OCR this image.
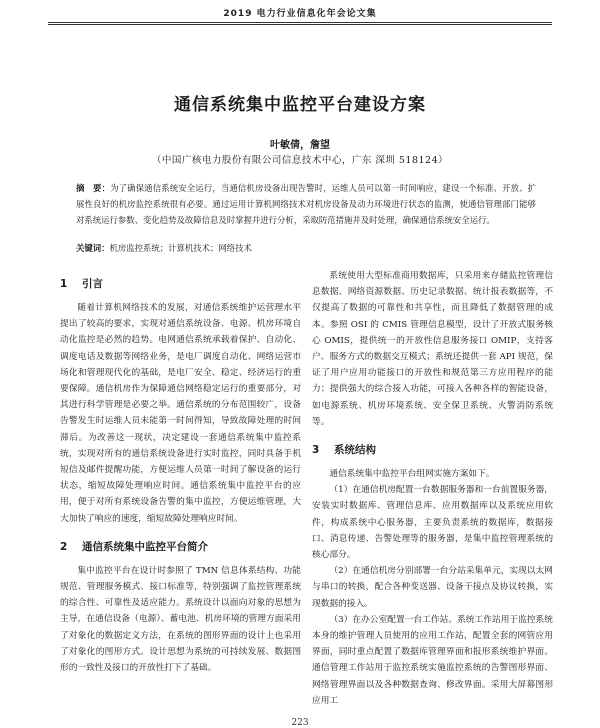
2019 电力行业信息化年会论文集
通信系统集中监控平台建设方案
叶敏倩，詹望
（中国广核电力股份有限公司信息技术中心，广东 深圳 518124）
摘　要：为了确保通信系统安全运行，当通信机房设备出现告警时，运维人员可以第一时间响应，建设一个标准、开放、扩展性良好的机房监控系统很有必要。通过运用计算机网络技术对机房设备及动力环境进行状态的监测，使通信管理部门能够对系统运行参数、变化趋势及故障信息及时掌握并进行分析，采取防范措施并及时处理，确保通信系统安全运行。
关键词：机房监控系统；计算机技术；网络技术
1 引言

随着计算机网络技术的发展，对通信系统维护运营理水平提出了较高的要求，实现对通信系统设备、电源、机房环境自动化监控是必然的趋势。电网通信系统承载着保护、自动化、调度电话及数据等网络业务，是电厂调度自动化、网络运营市场化和管理现代化的基础，是电厂安全、稳定、经济运行的重要保障。通信机房作为保障通信网络稳定运行的重要部分，对其进行科学管理是必要之举。通信系统的分布范围较广，设备告警发生时运维人员未能第一时间得知，导致故障处理的时间滞后。为改善这一现状，决定建设一套通信系统集中监控系统，实现对所有的通信系统设备进行实时监控，同时具备手机短信及邮件提醒功能，方便运维人员第一时间了解设备的运行状态，缩短故障处理响应时间。通信系统集中监控平台的应用，便于对所有系统设备告警的集中监控，方便运维管理，大大加快了响应的速度，缩短故障处理响应时间。

2 通信系统集中监控平台简介

集中监控平台在设计时参照了 TMN 信息体系结构、功能规范、管理服务模式、接口标准等，特别强调了监控管理系统的综合性、可靠性及适应能力。系统设计以面向对象的思想为主导，在通信设备（电源）、蓄电池、机房环境的管理方面采用了对象化的数据定义方法，在系统的图形界面的设计上也采用了对象化的图形方式。设计思想为系统的可持续发展、数据图形的一致性及接口的开放性打下了基础。

系统使用大型标准商用数据库，只采用来存储监控管理信息数据、网络资源数据、历史记录数据、统计报表数据等，不仅提高了数据的可靠性和共享性，而且降低了数据管理的成本。参照 OSI 的 CMIS 管理信息模型，设计了开放式服务核心 OMIS，提供统一的开放性信息服务接口 OMIP，支持客户、服务方式的数据交互模式；系统还提供一套 API 规范，保证了用户应用功能接口的开放性和规范第三方应用程序的能力；提供强大的综合接入功能，可接入各种各样的智能设备，如电源系统、机房环境系统、安全保卫系统、火警消防系统等。

3 系统结构

通信系统集中监控平台组网实施方案如下。

（1）在通信机房配置一台数据服务器和一台前置服务器，安装实时数据库、管理信息库、应用数据库以及系统应用软件，构成系统中心服务器，主要负责系统的数据库，数据接口、消息传递、告警处理等的服务器，是集中监控管理系统的核心部分。

（2）在通信机房分别部署一台分站采集单元，实现以太网与串口的转换，配合各种变送器、设备干接点及协议转换，实现数据的接入。

（3）在办公室配置一台工作站。系统工作站用于监控系统本身的维护管理人员使用的应用工作站，配置全套的网管应用界面，同时重点配置了数据库管理界面和报形系统维护界面。通信管理工作站用于监控系统实施监控系统的告警图形界面、网络管理界面以及各种数据查询、修改界面。采用大屏幕图形应用工

223
